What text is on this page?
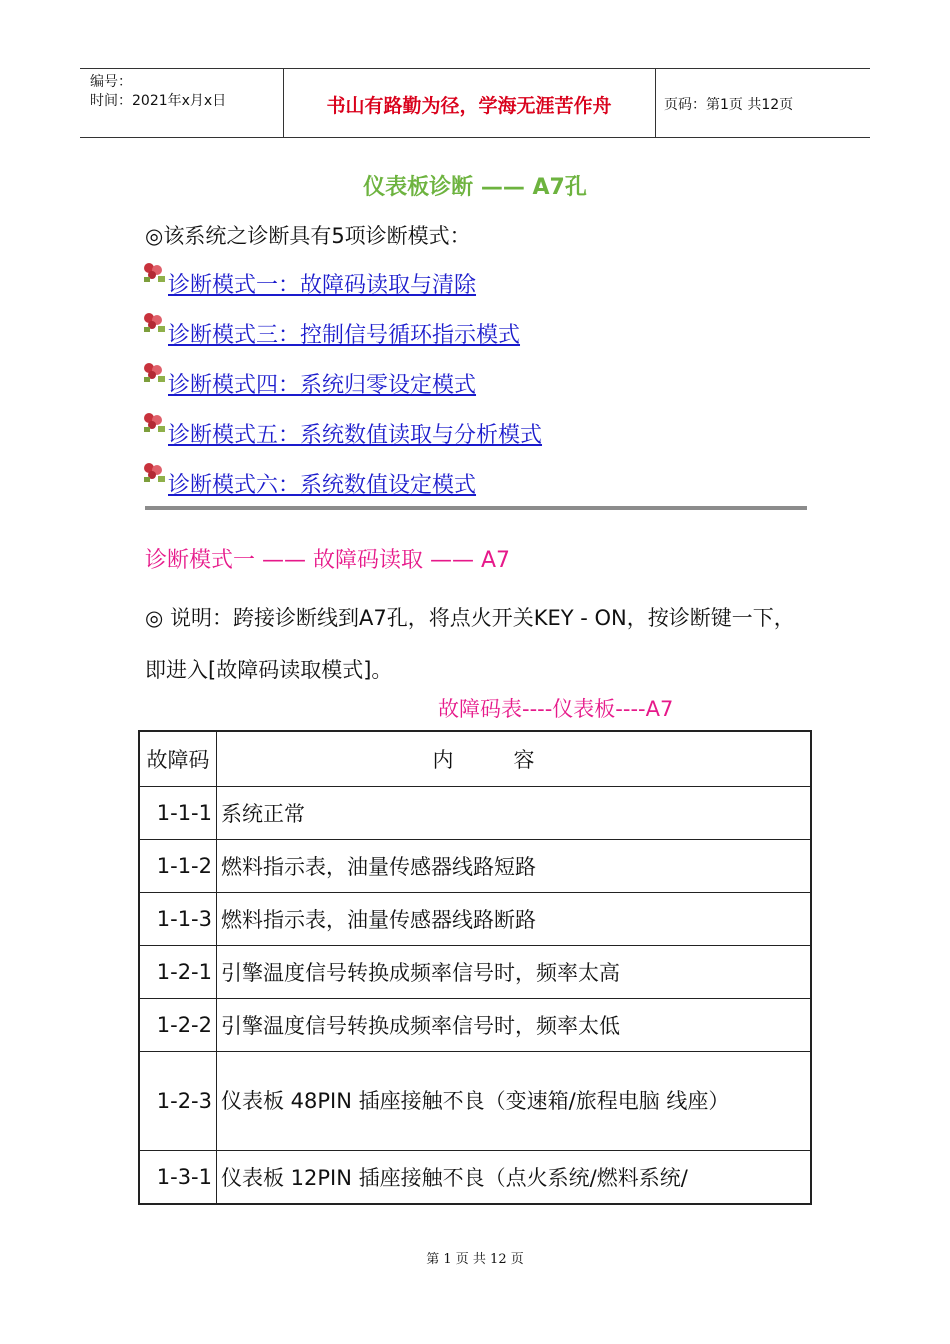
编号：
时间：2021年x月x日	书山有路勤为径，学海无涯苦作舟	页码：第1页 共12页
仪表板诊断 —— A7孔
◎该系统之诊断具有5项诊断模式：
诊断模式一：故障码读取与清除
诊断模式三：控制信号循环指示模式
诊断模式四：系统归零设定模式
诊断模式五：系统数值读取与分析模式
诊断模式六：系统数值设定模式
诊断模式一 —— 故障码读取 —— A7
◎ 说明：跨接诊断线到A7孔，将点火开关KEY - ON，按诊断键一下，即进入[故障码读取模式]。
故障码表----仪表板----A7
故障码	内容
1-1-1	系统正常
1-1-2	燃料指示表，油量传感器线路短路
1-1-3	燃料指示表，油量传感器线路断路
1-2-1	引擎温度信号转换成频率信号时，频率太高
1-2-2	引擎温度信号转换成频率信号时，频率太低
1-2-3	仪表板 48PIN 插座接触不良（变速箱/旅程电脑 线座）
1-3-1	仪表板 12PIN 插座接触不良（点火系统/燃料系统/
第 1 页 共 12 页
